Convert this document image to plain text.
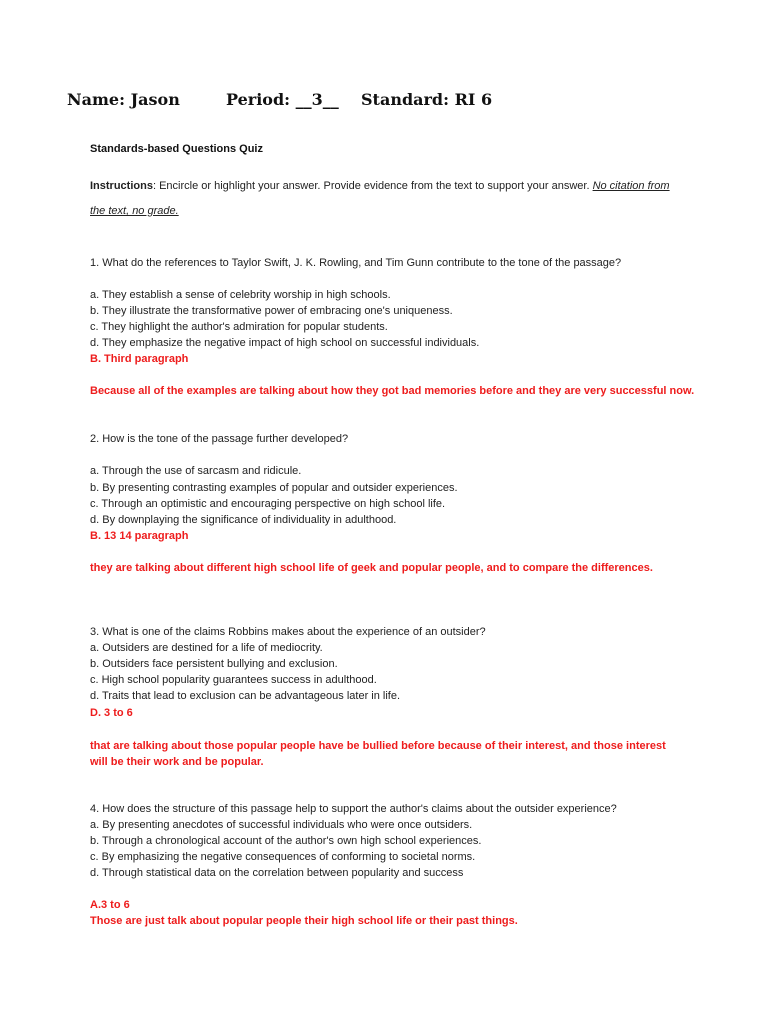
Name: Jason	Period: __3__ Standard: RI 6
Standards-based Questions Quiz
Instructions: Encircle or highlight your answer. Provide evidence from the text to support your answer. No citation from the text, no grade.
1. What do the references to Taylor Swift, J. K. Rowling, and Tim Gunn contribute to the tone of the passage?
a. They establish a sense of celebrity worship in high schools.
b. They illustrate the transformative power of embracing one's uniqueness.
c. They highlight the author's admiration for popular students.
d. They emphasize the negative impact of high school on successful individuals.
B. Third paragraph
Because all of the examples are talking about how they got bad memories before and they are very successful now.
2. How is the tone of the passage further developed?
a. Through the use of sarcasm and ridicule.
b. By presenting contrasting examples of popular and outsider experiences.
c. Through an optimistic and encouraging perspective on high school life.
d. By downplaying the significance of individuality in adulthood.
B. 13 14 paragraph
they are talking about different high school life of geek and popular people, and to compare the differences.
3. What is one of the claims Robbins makes about the experience of an outsider?
a. Outsiders are destined for a life of mediocrity.
b. Outsiders face persistent bullying and exclusion.
c. High school popularity guarantees success in adulthood.
d. Traits that lead to exclusion can be advantageous later in life.
D. 3 to 6
that are talking about those popular people have be bullied before because of their interest, and those interest will be their work and be popular.
4. How does the structure of this passage help to support the author's claims about the outsider experience?
a. By presenting anecdotes of successful individuals who were once outsiders.
b. Through a chronological account of the author's own high school experiences.
c. By emphasizing the negative consequences of conforming to societal norms.
d. Through statistical data on the correlation between popularity and success
A.3 to 6
Those are just talk about popular people their high school life or their past things.
